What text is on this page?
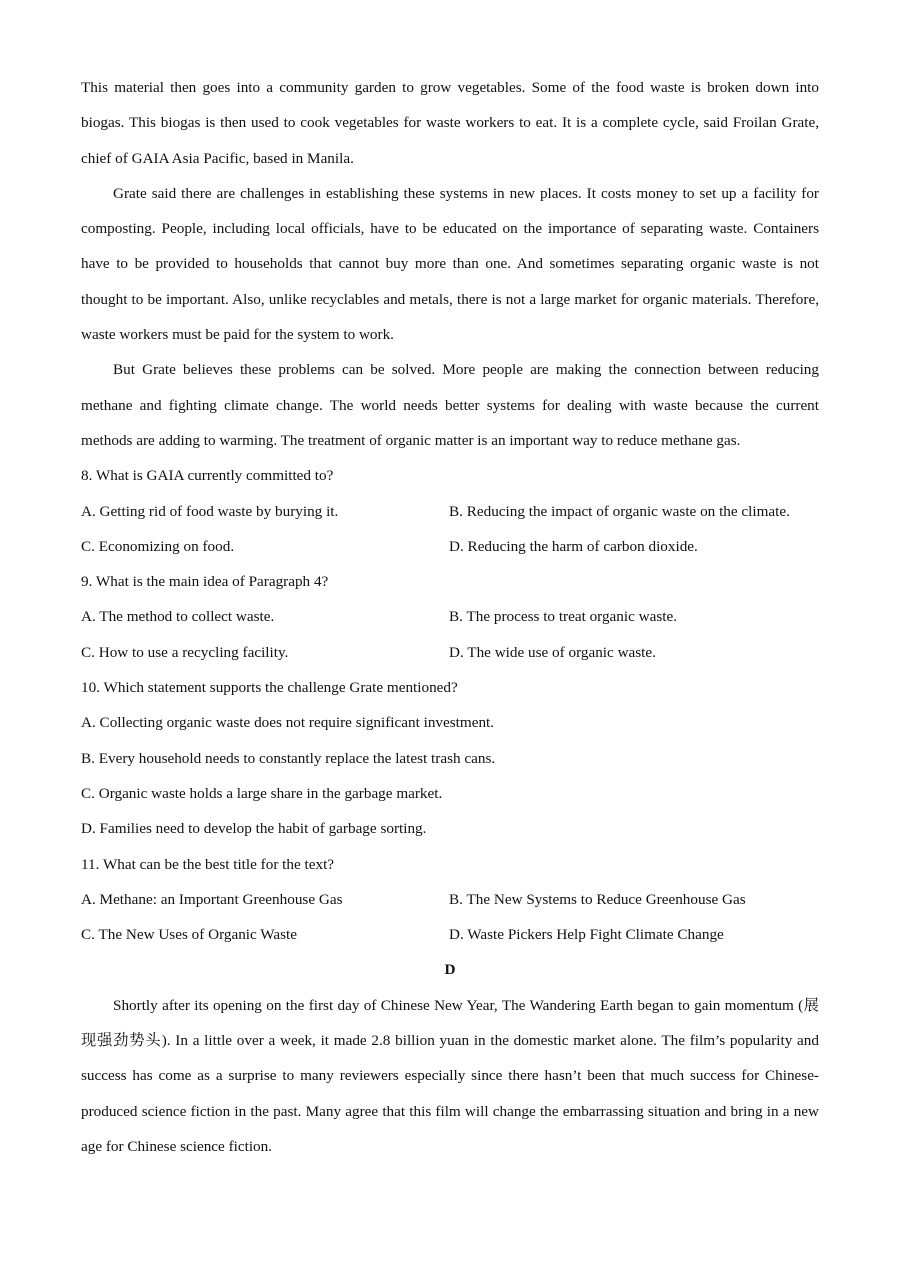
This material then goes into a community garden to grow vegetables. Some of the food waste is broken down into biogas. This biogas is then used to cook vegetables for waste workers to eat. It is a complete cycle, said Froilan Grate, chief of GAIA Asia Pacific, based in Manila.

Grate said there are challenges in establishing these systems in new places. It costs money to set up a facility for composting. People, including local officials, have to be educated on the importance of separating waste. Containers have to be provided to households that cannot buy more than one. And sometimes separating organic waste is not thought to be important. Also, unlike recyclables and metals, there is not a large market for organic materials. Therefore, waste workers must be paid for the system to work.

But Grate believes these problems can be solved. More people are making the connection between reducing methane and fighting climate change. The world needs better systems for dealing with waste because the current methods are adding to warming. The treatment of organic matter is an important way to reduce methane gas.

8. What is GAIA currently committed to?

A. Getting rid of food waste by burying it.	B. Reducing the impact of organic waste on the climate.
C. Economizing on food.	D. Reducing the harm of carbon dioxide.

9. What is the main idea of Paragraph 4?

A. The method to collect waste.	B. The process to treat organic waste.
C. How to use a recycling facility.	D. The wide use of organic waste.

10. Which statement supports the challenge Grate mentioned?

A. Collecting organic waste does not require significant investment.

B. Every household needs to constantly replace the latest trash cans.

C. Organic waste holds a large share in the garbage market.

D. Families need to develop the habit of garbage sorting.

11. What can be the best title for the text?

A. Methane: an Important Greenhouse Gas	B. The New Systems to Reduce Greenhouse Gas
C. The New Uses of Organic Waste	D. Waste Pickers Help Fight Climate Change

D

Shortly after its opening on the first day of Chinese New Year, The Wandering Earth began to gain momentum (展现强劲势头). In a little over a week, it made 2.8 billion yuan in the domestic market alone. The film’s popularity and success has come as a surprise to many reviewers especially since there hasn’t been that much success for Chinese-produced science fiction in the past. Many agree that this film will change the embarrassing situation and bring in a new age for Chinese science fiction.
